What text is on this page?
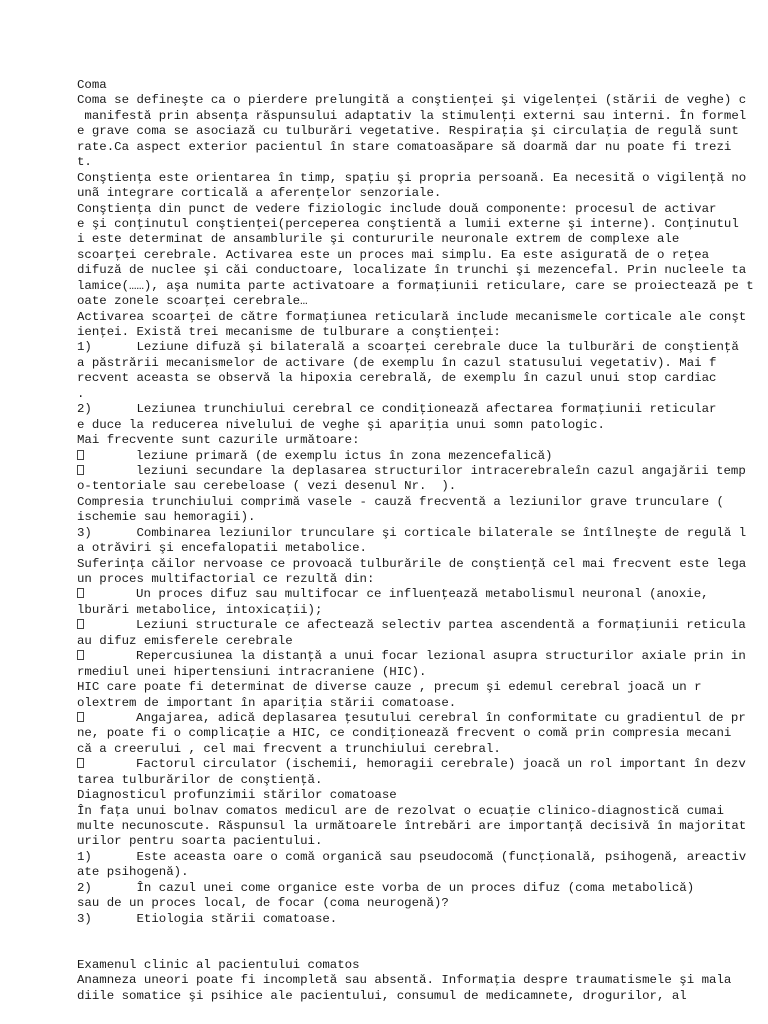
Coma
Coma se defineşte ca o pierdere prelungită a conştienţei şi vigelenţei (stării de veghe) c
manifestă prin absenţa răspunsului adaptativ la stimulenţi externi sau interni. În formel
e grave coma se asociază cu tulburări vegetative. Respiraţia şi circulaţia de regulă sunt
rate.Ca aspect exterior pacientul în stare comatoasăpare să doarmă dar nu poate fi trezi
t.
Conştienţa este orientarea în timp, spaţiu şi propria persoană. Ea necesită o vigilenţă no
unã integrare corticală a aferenţelor senzoriale.
Conştienţa din punct de vedere fiziologic include două componente: procesul de activar
e şi conţinutul conştienţei(perceperea conştientă a lumii externe şi interne). Conţinutul
i este determinat de ansamblurile şi contururile neuronale extrem de complexe ale
scoarţei cerebrale. Activarea este un proces mai simplu. Ea este asigurată de o reţea
difuză de nuclee şi căi conductoare, localizate în trunchi şi mezencefal. Prin nucleele ta
lamice(……), aşa numita parte activatoare a formaţiunii reticulare, care se proiectează pe t
oate zonele scoarţei cerebrale…
Activarea scoarţei de către formaţiunea reticulară include mecanismele corticale ale conşt
ienţei. Există trei mecanisme de tulburare a conştienţei:
1)      Leziune difuză şi bilaterală a scoarţei cerebrale duce la tulburări de conştienţă
a păstrării mecanismelor de activare (de exemplu în cazul statusului vegetativ). Mai f
recvent aceasta se observă la hipoxia cerebrală, de exemplu în cazul unui stop cardiac
.
2)      Leziunea trunchiului cerebral ce condiţionează afectarea formaţiunii reticular
e duce la reducerea nivelului de veghe şi apariţia unui somn patologic.
Mai frecvente sunt cazurile următoare:
leziune primară (de exemplu ictus în zona mezencefalică)
leziuni secundare la deplasarea structurilor intracerebraleîn cazul angajării temp
o-tentoriale sau cerebeloase ( vezi desenul Nr.  ).
Compresia trunchiului comprimă vasele - cauză frecventă a leziunilor grave trunculare (
ischemie sau hemoragii).
3)      Combinarea leziunilor trunculare şi corticale bilaterale se întîlneşte de regulă l
a otrăviri şi encefalopatii metabolice.
Suferinţa căilor nervoase ce provoacă tulburările de conştienţă cel mai frecvent este lega
un proces multifactorial ce rezultă din:
Un proces difuz sau multifocar ce influenţează metabolismul neuronal (anoxie,
lburări metabolice, intoxicaţii);
Leziuni structurale ce afectează selectiv partea ascendentă a formaţiunii reticula
au difuz emisferele cerebrale
Repercusiunea la distanţă a unui focar lezional asupra structurilor axiale prin in
rmediul unei hipertensiuni intracraniene (HIC).
HIC care poate fi determinat de diverse cauze , precum şi edemul cerebral joacă un r
olextrem de important în apariţia stării comatoase.
Angajarea, adică deplasarea ţesutului cerebral în conformitate cu gradientul de pr
ne, poate fi o complicaţie a HIC, ce condiţionează frecvent o comă prin compresia mecani
că a creerului , cel mai frecvent a trunchiului cerebral.
Factorul circulator (ischemii, hemoragii cerebrale) joacă un rol important în dezv
tarea tulburărilor de conştienţă.
Diagnosticul profunzimii stărilor comatoase
În faţa unui bolnav comatos medicul are de rezolvat o ecuaţie clinico-diagnostică cumai
multe necunoscute. Răspunsul la următoarele întrebări are importanţă decisivă în majoritat
urilor pentru soarta pacientului.
1)      Este aceasta oare o comă organică sau pseudocomă (funcţională, psihogenă, areactiv
ate psihogenă).
2)      În cazul unei come organice este vorba de un proces difuz (coma metabolică)
sau de un proces local, de focar (coma neurogenă)?
3)      Etiologia stării comatoase.

Examenul clinic al pacientului comatos
Anamneza uneori poate fi incompletă sau absentă. Informaţia despre traumatismele şi mala
diile somatice şi psihice ale pacientului, consumul de medicamnete, drogurilor, al
